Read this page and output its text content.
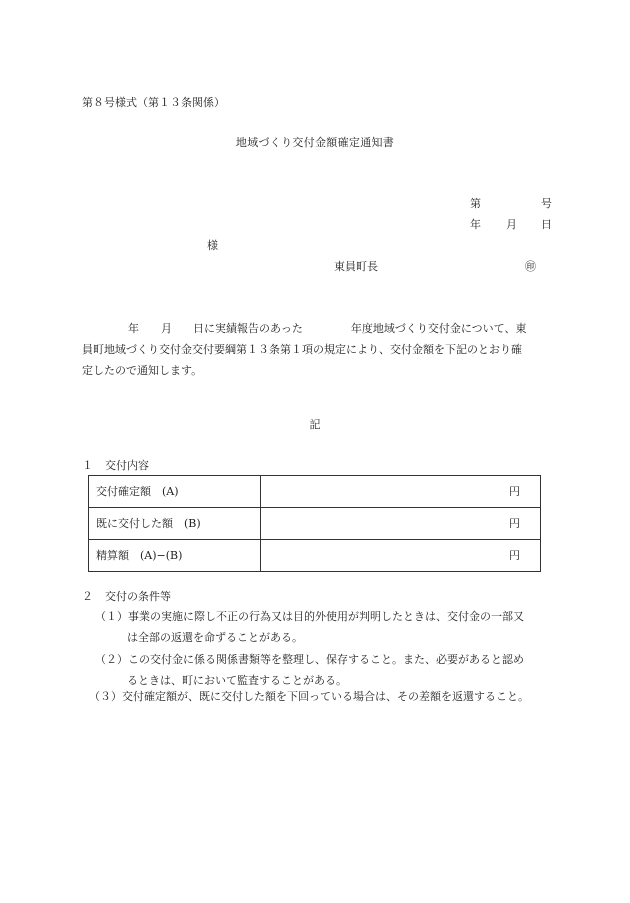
第８号様式（第１３条関係）
地域づくり交付金額確定通知書
第	号
年 月 日
様
東員町長	㊞
年 月 日に実績報告のあった	年度地域づくり交付金について、東
員町地域づくり交付金交付要綱第１３条第１項の規定により、交付金額を下記のとおり確
定したので通知します。
記
１ 交付内容
交付確定額　(A)	円
既に交付した額　(B)	円
精算額　(A)−(B)	円
２ 交付の条件等
（１）事業の実施に際し不正の行為又は目的外使用が判明したときは、交付金の一部又
は全部の返還を命ずることがある。
（２）この交付金に係る関係書類等を整理し、保存すること。また、必要があると認め
るときは、町において監査することがある。
（３）交付確定額が、既に交付した額を下回っている場合は、その差額を返還すること。
